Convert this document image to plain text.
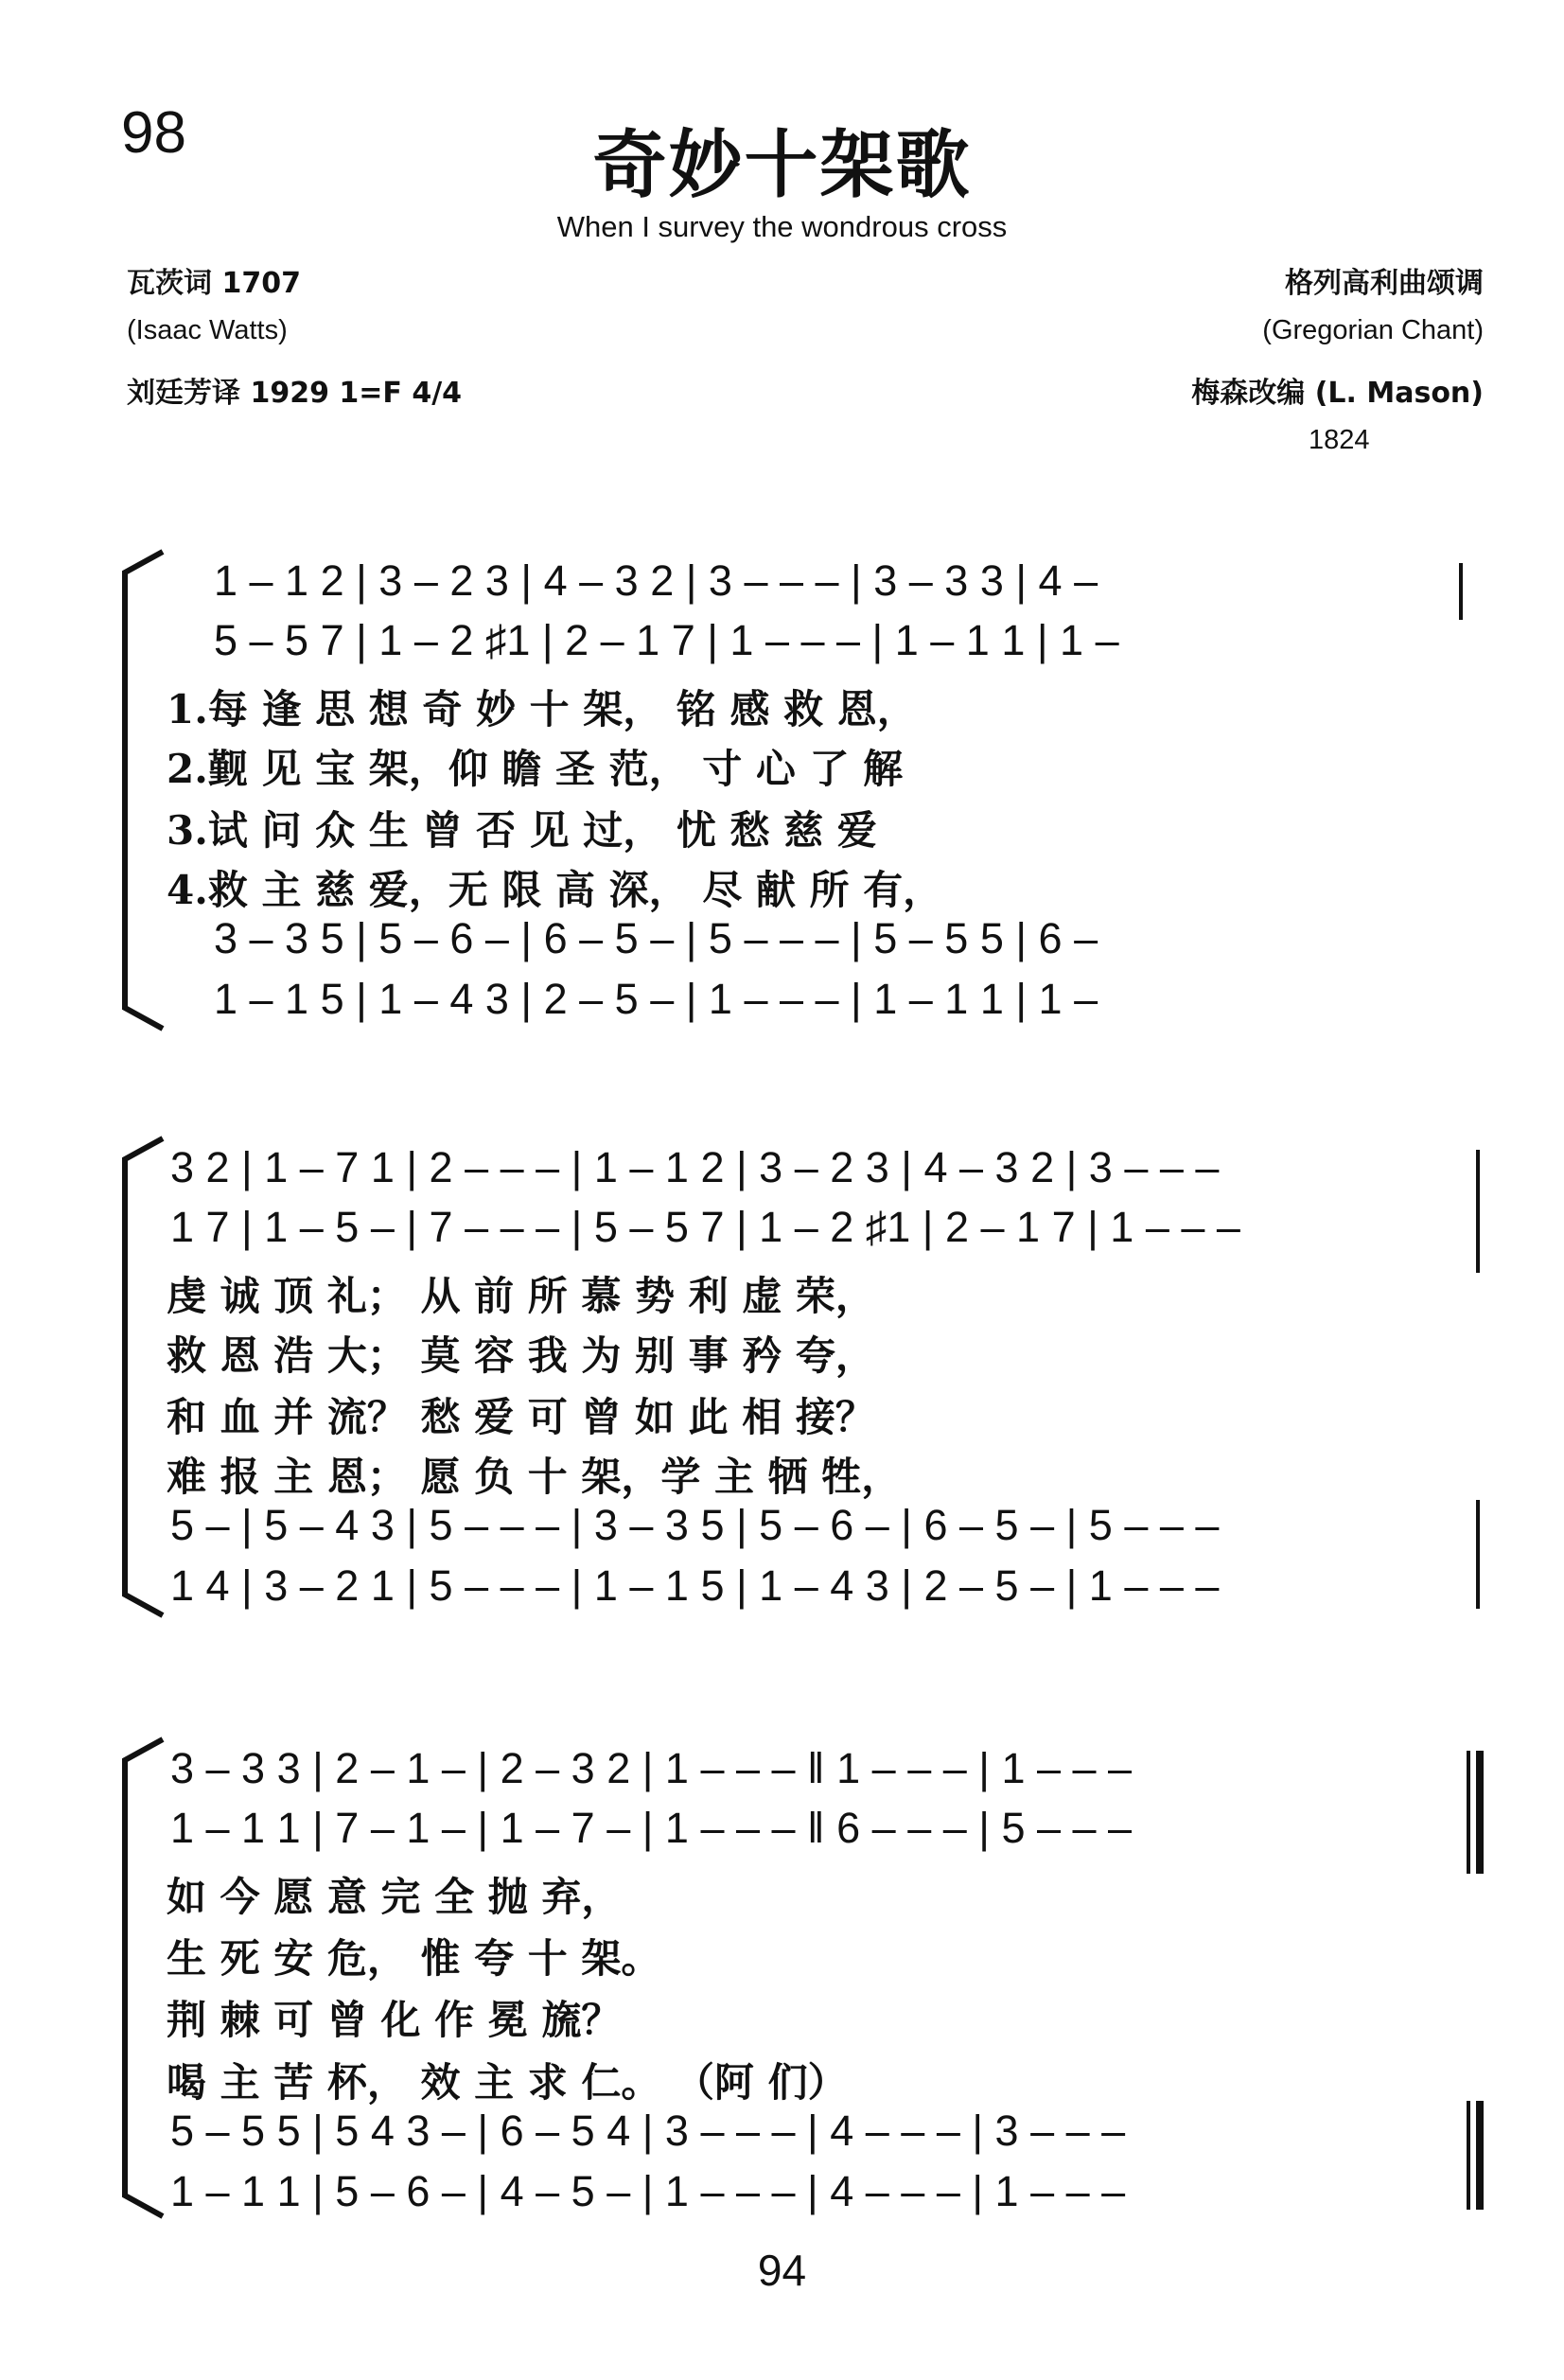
98	奇妙十架歌
When I survey the wondrous cross
瓦茨词 1707
(Isaac Watts)
刘廷芳译 1929 1=F 4/4
格列高利曲颂调
(Gregorian Chant)
梅森改编 (L. Mason)
1824
1 – 1 2 | 3 – 2 3 | 4 – 3 2 | 3 – – – | 3 – 3 3 | 4 –
5 – 5 7 | 1 – 2 ♯1 | 2 – 1 7 | 1 – – – | 1 – 1 1 | 1 –
1.每 逢 思 想 奇 妙 十 架， 铭 感 救 恩，
2.觐 见 宝 架，仰 瞻 圣 范， 寸 心 了 解
3.试 问 众 生 曾 否 见 过， 忧 愁 慈 爱
4.救 主 慈 爱，无 限 高 深， 尽 献 所 有，
3 – 3 5 | 5 – 6 – | 6 – 5 – | 5 – – – | 5 – 5 5 | 6 –
1 – 1 5 | 1 – 4 3 | 2 – 5 – | 1 – – – | 1 – 1 1 | 1 –
3 2 | 1 – 7 1 | 2 – – – | 1 – 1 2 | 3 – 2 3 | 4 – 3 2 | 3 – – –
1 7 | 1 – 5 – | 7 – – – | 5 – 5 7 | 1 – 2 ♯1 | 2 – 1 7 | 1 – – –
虔 诚 顶 礼； 从 前 所 慕 势 利 虚 荣，
救 恩 浩 大； 莫 容 我 为 别 事 矜 夸，
和 血 并 流？ 愁 爱 可 曾 如 此 相 接？
难 报 主 恩； 愿 负 十 架，学 主 牺 牲，
5 – | 5 – 4 3 | 5 – – – | 3 – 3 5 | 5 – 6 – | 6 – 5 – | 5 – – –
1 4 | 3 – 2 1 | 5 – – – | 1 – 1 5 | 1 – 4 3 | 2 – 5 – | 1 – – –
3 – 3 3 | 2 – 1 – | 2 – 3 2 | 1 – – – ‖ 1 – – – | 1 – – –
1 – 1 1 | 7 – 1 – | 1 – 7 – | 1 – – – ‖ 6 – – – | 5 – – –
如 今 愿 意 完 全 抛 弃，
生 死 安 危， 惟 夸 十 架。
荆 棘 可 曾 化 作 冕 旒？
喝 主 苦 杯， 效 主 求 仁。 （阿 们）
5 – 5 5 | 5 4 3 – | 6 – 5 4 | 3 – – – | 4 – – – | 3 – – –
1 – 1 1 | 5 – 6 – | 4 – 5 – | 1 – – – | 4 – – – | 1 – – –
94
